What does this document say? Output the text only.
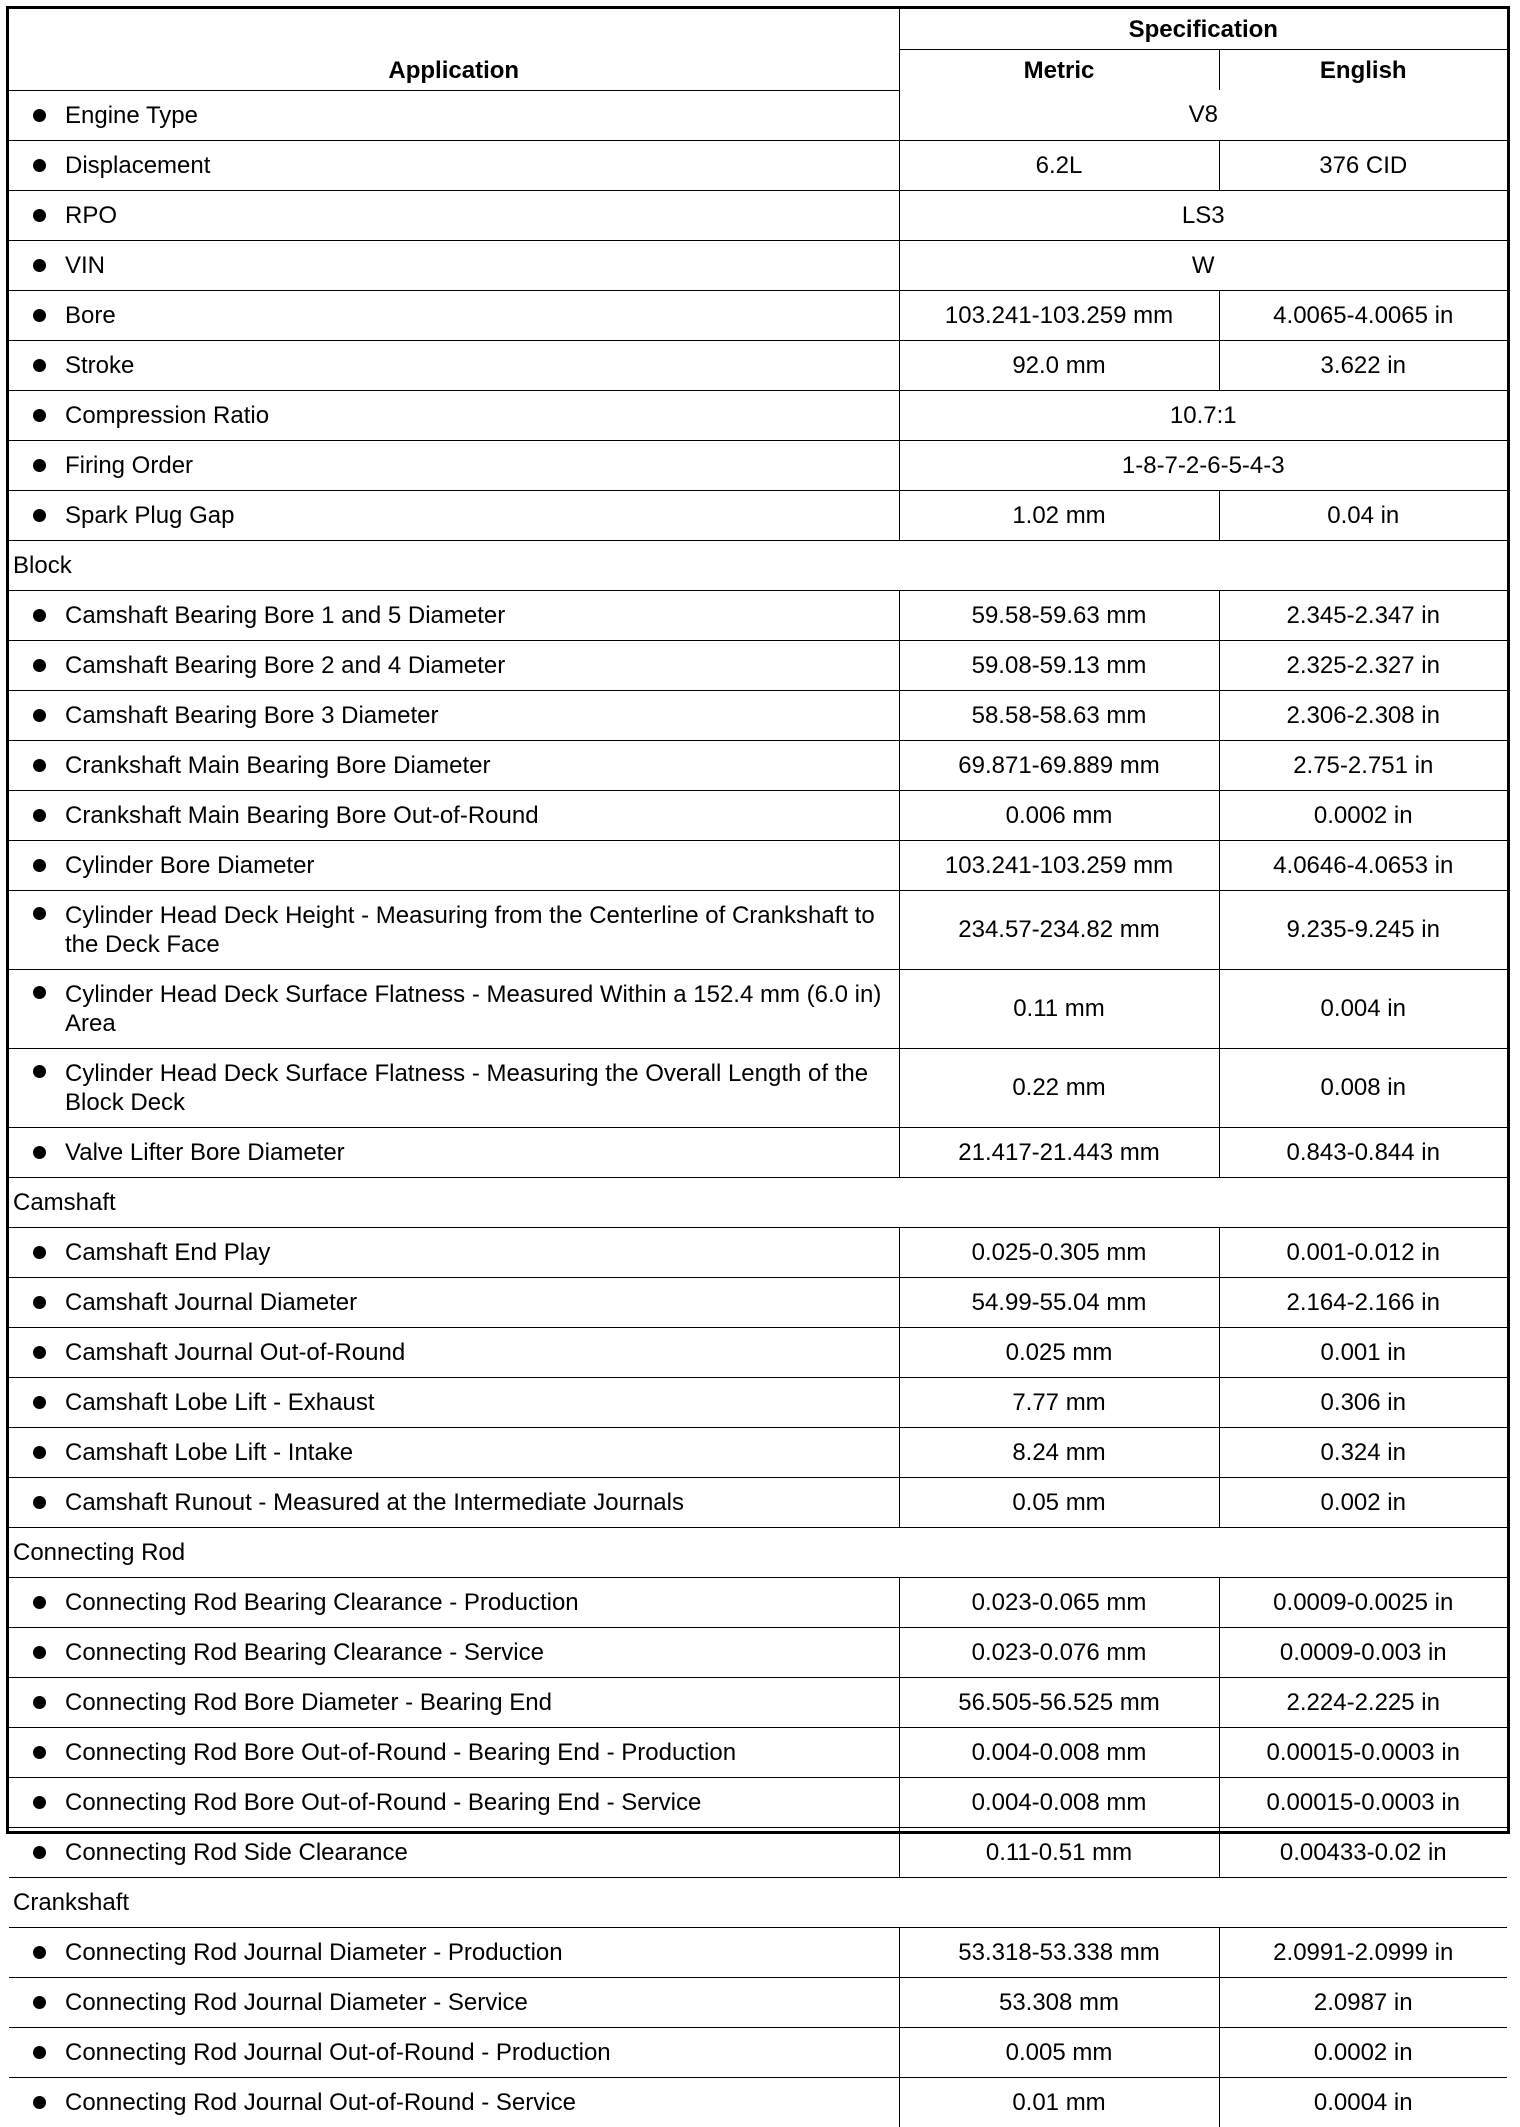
Application	Specification	
	Metric	English
Engine Type	V8	
Displacement	6.2L	376 CID
RPO	LS3	
VIN	W	
Bore	103.241-103.259 mm	4.0065-4.0065 in
Stroke	92.0 mm	3.622 in
Compression Ratio	10.7:1	
Firing Order	1-8-7-2-6-5-4-3	
Spark Plug Gap	1.02 mm	0.04 in
Block		
Camshaft Bearing Bore 1 and 5 Diameter	59.58-59.63 mm	2.345-2.347 in
Camshaft Bearing Bore 2 and 4 Diameter	59.08-59.13 mm	2.325-2.327 in
Camshaft Bearing Bore 3 Diameter	58.58-58.63 mm	2.306-2.308 in
Crankshaft Main Bearing Bore Diameter	69.871-69.889 mm	2.75-2.751 in
Crankshaft Main Bearing Bore Out-of-Round	0.006 mm	0.0002 in
Cylinder Bore Diameter	103.241-103.259 mm	4.0646-4.0653 in
Cylinder Head Deck Height - Measuring from the Centerline of Crankshaft to the Deck Face	234.57-234.82 mm	9.235-9.245 in
Cylinder Head Deck Surface Flatness - Measured Within a 152.4 mm (6.0 in) Area	0.11 mm	0.004 in
Cylinder Head Deck Surface Flatness - Measuring the Overall Length of the Block Deck	0.22 mm	0.008 in
Valve Lifter Bore Diameter	21.417-21.443 mm	0.843-0.844 in
Camshaft		
Camshaft End Play	0.025-0.305 mm	0.001-0.012 in
Camshaft Journal Diameter	54.99-55.04 mm	2.164-2.166 in
Camshaft Journal Out-of-Round	0.025 mm	0.001 in
Camshaft Lobe Lift - Exhaust	7.77 mm	0.306 in
Camshaft Lobe Lift - Intake	8.24 mm	0.324 in
Camshaft Runout - Measured at the Intermediate Journals	0.05 mm	0.002 in
Connecting Rod		
Connecting Rod Bearing Clearance - Production	0.023-0.065 mm	0.0009-0.0025 in
Connecting Rod Bearing Clearance - Service	0.023-0.076 mm	0.0009-0.003 in
Connecting Rod Bore Diameter - Bearing End	56.505-56.525 mm	2.224-2.225 in
Connecting Rod Bore Out-of-Round - Bearing End - Production	0.004-0.008 mm	0.00015-0.0003 in
Connecting Rod Bore Out-of-Round - Bearing End - Service	0.004-0.008 mm	0.00015-0.0003 in
Connecting Rod Side Clearance	0.11-0.51 mm	0.00433-0.02 in
Crankshaft		
Connecting Rod Journal Diameter - Production	53.318-53.338 mm	2.0991-2.0999 in
Connecting Rod Journal Diameter - Service	53.308 mm	2.0987 in
Connecting Rod Journal Out-of-Round - Production	0.005 mm	0.0002 in
Connecting Rod Journal Out-of-Round - Service	0.01 mm	0.0004 in
